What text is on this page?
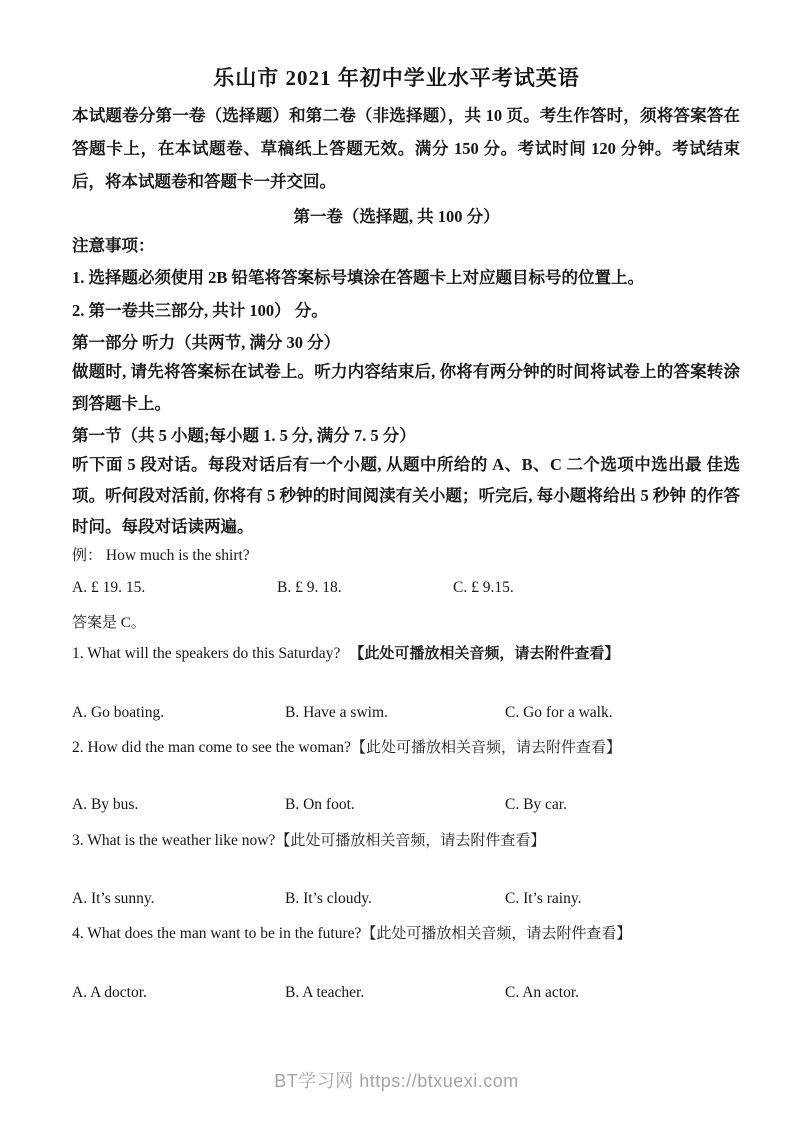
乐山市 2021 年初中学业水平考试英语

本试题卷分第一卷（选择题）和第二卷（非选择题），共 10 页。考生作答时，须将答案答在答题卡上，在本试题卷、草稿纸上答题无效。满分 150 分。考试时间 120 分钟。考试结束后，将本试题卷和答题卡一并交回。

第一卷（选择题, 共 100 分）
注意事项：
1. 选择题必须使用 2B 铅笔将答案标号填涂在答题卡上对应题目标号的位置上。
2. 第一卷共三部分, 共计 100） 分。
第一部分 听力（共两节, 满分 30 分）

做题时, 请先将答案标在试卷上。听力内容结束后, 你将有两分钟的时间将试卷上的答案转涂到答题卡上。

第一节（共 5 小题;每小题 1. 5 分, 满分 7. 5 分）

听下面 5 段对话。每段对话后有一个小题, 从题中所给的 A、B、C 二个选项中选出最 佳选项。听何段对活前, 你将有 5 秒钟的时间阅渎有关小题；听完后, 每小题将给出 5 秒钟 的作答时问。每段对话读两遍。

例： How much is the shirt?
A. £ 19. 15.	B. £ 9. 18.	C. £ 9.15.
答案是 C。
1. What will the speakers do this Saturday? 【此处可播放相关音频，请去附件查看】
A. Go boating.	B. Have a swim.	C. Go for a walk.
2. How did the man come to see the woman?【此处可播放相关音频，请去附件查看】
A. By bus.	B. On foot.	C. By car.
3. What is the weather like now?【此处可播放相关音频，请去附件查看】
A. It’s sunny.	B. It’s cloudy.	C. It’s rainy.
4. What does the man want to be in the future?【此处可播放相关音频，请去附件查看】
A. A doctor.	B. A teacher.	C. An actor.
BT学习网 https://btxuexi.com
